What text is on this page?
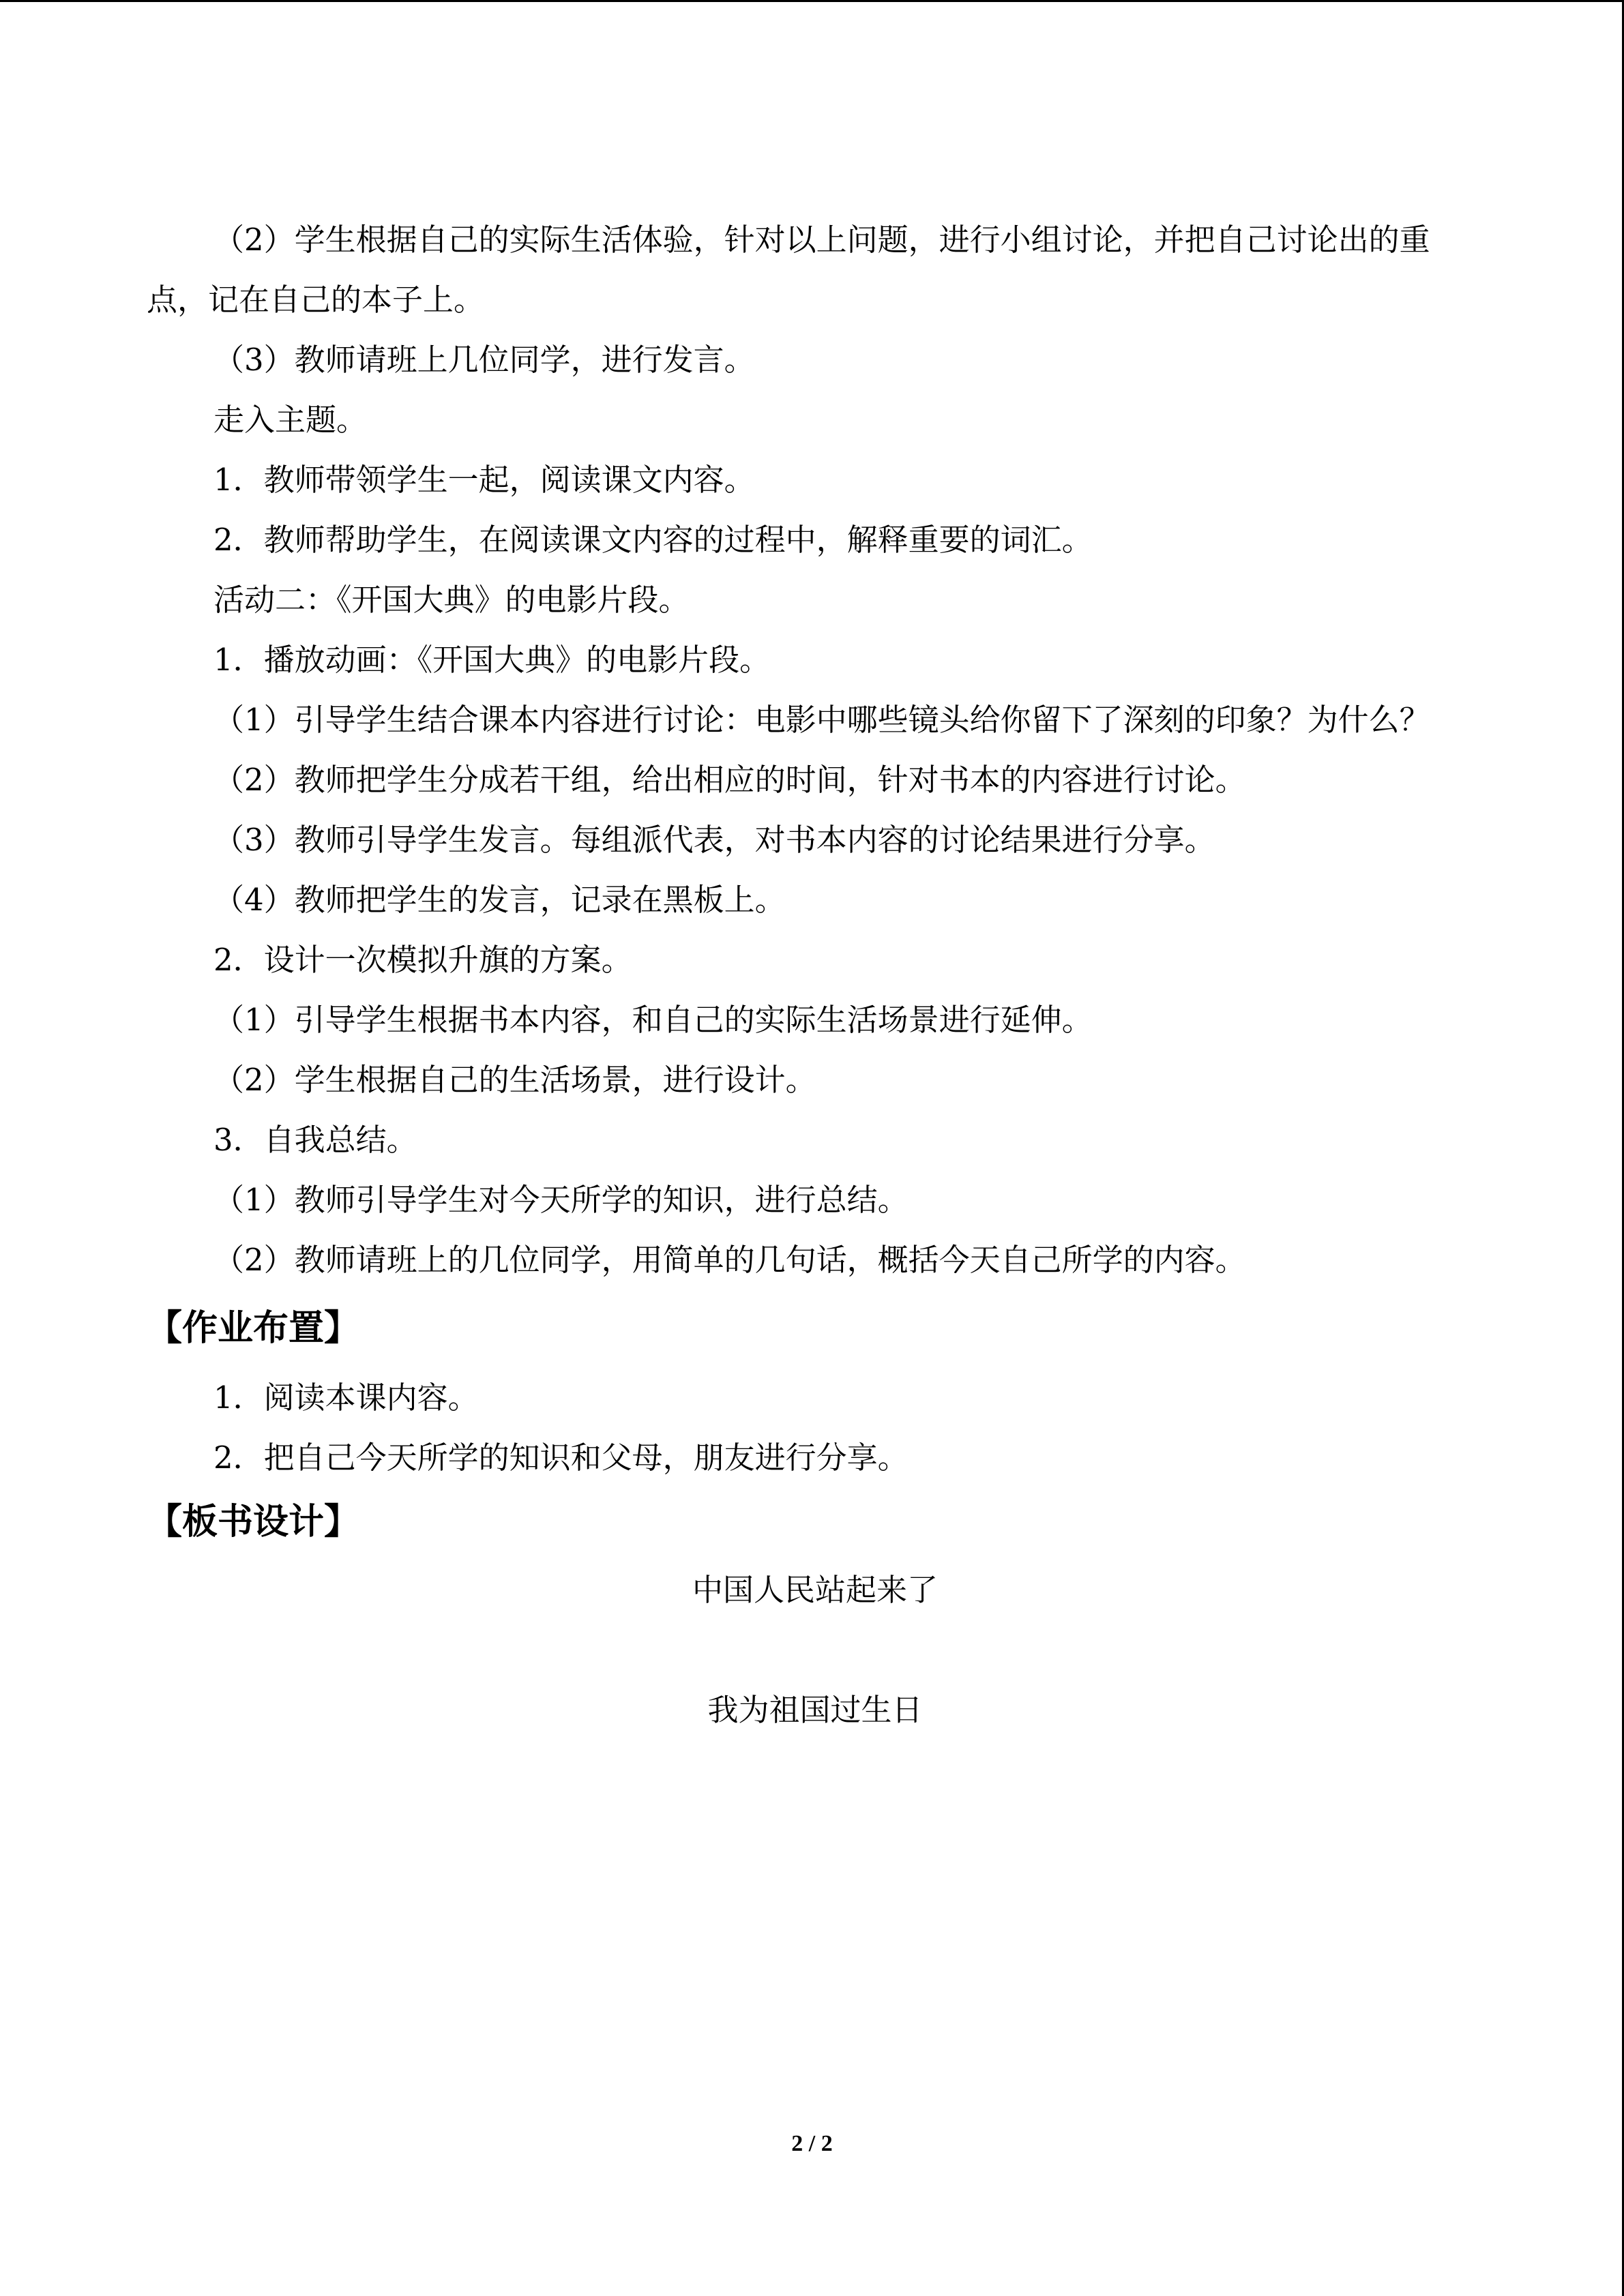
（2）学生根据自己的实际生活体验，针对以上问题，进行小组讨论，并把自己讨论出的重点，记在自己的本子上。

（3）教师请班上几位同学，进行发言。

走入主题。

1．教师带领学生一起，阅读课文内容。

2．教师帮助学生，在阅读课文内容的过程中，解释重要的词汇。

活动二：《开国大典》的电影片段。

1．播放动画：《开国大典》的电影片段。

（1）引导学生结合课本内容进行讨论：电影中哪些镜头给你留下了深刻的印象？为什么？

（2）教师把学生分成若干组，给出相应的时间，针对书本的内容进行讨论。

（3）教师引导学生发言。每组派代表，对书本内容的讨论结果进行分享。

（4）教师把学生的发言，记录在黑板上。

2．设计一次模拟升旗的方案。

（1）引导学生根据书本内容，和自己的实际生活场景进行延伸。

（2）学生根据自己的生活场景，进行设计。

3．自我总结。

（1）教师引导学生对今天所学的知识，进行总结。

（2）教师请班上的几位同学，用简单的几句话，概括今天自己所学的内容。

【作业布置】

1．阅读本课内容。

2．把自己今天所学的知识和父母，朋友进行分享。

【板书设计】

中国人民站起来了

我为祖国过生日

2 / 2
